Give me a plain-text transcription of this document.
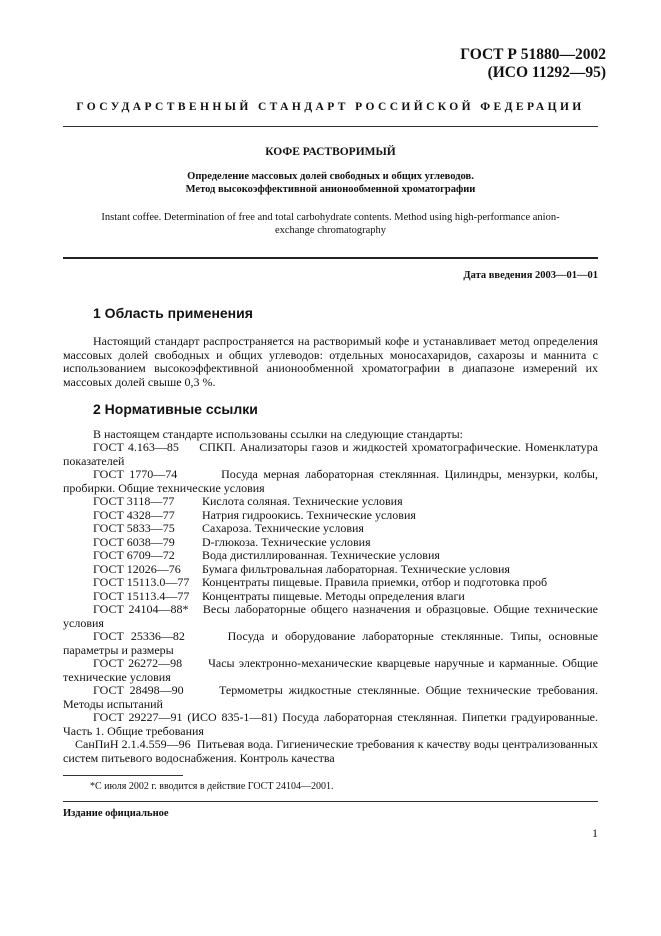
ГОСТ Р 51880—2002
(ИСО 11292—95)
ГОСУДАРСТВЕННЫЙ СТАНДАРТ РОССИЙСКОЙ ФЕДЕРАЦИИ
КОФЕ РАСТВОРИМЫЙ
Определение массовых долей свободных и общих углеводов.
Метод высокоэффективной анионообменной хроматографии
Instant coffee. Determination of free and total carbohydrate contents. Method using high-performance anion-exchange chromatography
Дата введения 2003—01—01
1 Область применения
Настоящий стандарт распространяется на растворимый кофе и устанавливает метод определения массовых долей свободных и общих углеводов: отдельных моносахаридов, сахарозы и маннита с использованием высокоэффективной анионообменной хроматографии в диапазоне измерений их массовых долей свыше 0,3 %.
2 Нормативные ссылки
В настоящем стандарте использованы ссылки на следующие стандарты:
ГОСТ 4.163—85 СПКП. Анализаторы газов и жидкостей хроматографические. Номенклатура показателей
ГОСТ 1770—74	Посуда мерная лабораторная стеклянная. Цилиндры, мензурки, колбы, пробирки. Общие технические условия
ГОСТ 3118—77 Кислота соляная. Технические условия
ГОСТ 4328—77 Натрия гидроокись. Технические условия
ГОСТ 5833—75 Сахароза. Технические условия
ГОСТ 6038—79 D-глюкоза. Технические условия
ГОСТ 6709—72 Вода дистиллированная. Технические условия
ГОСТ 12026—76 Бумага фильтровальная лабораторная. Технические условия
ГОСТ 15113.0—77 Концентраты пищевые. Правила приемки, отбор и подготовка проб
ГОСТ 15113.4—77 Концентраты пищевые. Методы определения влаги
ГОСТ 24104—88* Весы лабораторные общего назначения и образцовые. Общие технические условия
ГОСТ 25336—82	Посуда и оборудование лабораторные стеклянные. Типы, основные параметры и размеры
ГОСТ 26272—98 Часы электронно-механические кварцевые наручные и карманные. Общие технические условия
ГОСТ 28498—90	Термометры жидкостные стеклянные. Общие технические требования. Методы испытаний
ГОСТ 29227—91 (ИСО 835-1—81) Посуда лабораторная стеклянная. Пипетки градуированные. Часть 1. Общие требования
СанПиН 2.1.4.559—96 Питьевая вода. Гигиенические требования к качеству воды централизованных систем питьевого водоснабжения. Контроль качества
*С июля 2002 г. вводится в действие ГОСТ 24104—2001.
Издание официальное
1
